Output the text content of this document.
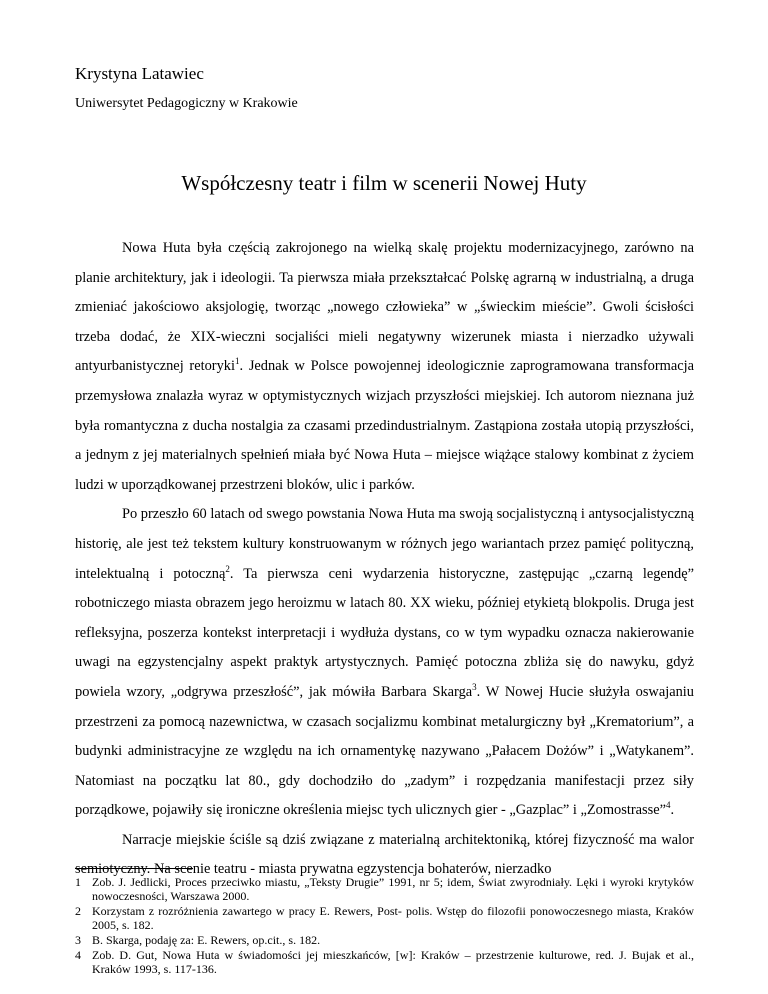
Krystyna Latawiec
Uniwersytet Pedagogiczny w Krakowie
Współczesny teatr i film w scenerii Nowej Huty

Nowa Huta była częścią zakrojonego na wielką skalę projektu modernizacyjnego, zarówno na planie architektury, jak i ideologii. Ta pierwsza miała przekształcać Polskę agrarną w industrialną, a druga zmieniać jakościowo aksjologię, tworząc „nowego człowieka” w „świeckim mieście”. Gwoli ścisłości trzeba dodać, że XIX-wieczni socjaliści mieli negatywny wizerunek miasta i nierzadko używali antyurbanistycznej retoryki$^1$. Jednak w Polsce powojennej ideologicznie zaprogramowana transformacja przemysłowa znalazła wyraz w optymistycznych wizjach przyszłości miejskiej. Ich autorom nieznana już była romantyczna z ducha nostalgia za czasami przedindustrialnym. Zastąpiona została utopią przyszłości, a jednym z jej materialnych spełnień miała być Nowa Huta – miejsce wiążące stalowy kombinat z życiem ludzi w uporządkowanej przestrzeni bloków, ulic i parków.

Po przeszło 60 latach od swego powstania Nowa Huta ma swoją socjalistyczną i antysocjalistyczną historię, ale jest też tekstem kultury konstruowanym w różnych jego wariantach przez pamięć polityczną, intelektualną i potoczną$^2$. Ta pierwsza ceni wydarzenia historyczne, zastępując „czarną legendę” robotniczego miasta obrazem jego heroizmu w latach 80. XX wieku, później etykietą blokpolis. Druga jest refleksyjna, poszerza kontekst interpretacji i wydłuża dystans, co w tym wypadku oznacza nakierowanie uwagi na egzystencjalny aspekt praktyk artystycznych. Pamięć potoczna zbliża się do nawyku, gdyż powiela wzory, „odgrywa przeszłość”, jak mówiła Barbara Skarga$^3$. W Nowej Hucie służyła oswajaniu przestrzeni za pomocą nazewnictwa, w czasach socjalizmu kombinat metalurgiczny był „Krematorium”, a budynki administracyjne ze względu na ich ornamentykę nazywano „Pałacem Dożów” i „Watykanem”. Natomiast na początku lat 80., gdy dochodziło do „zadym” i rozpędzania manifestacji przez siły porządkowe, pojawiły się ironiczne określenia miejsc tych ulicznych gier - „Gazplac” i „Zomostrasse”$^4$.

Narracje miejskie ściśle są dziś związane z materialną architektoniką, której fizyczność ma walor semiotyczny. Na scenie teatru - miasta prywatna egzystencja bohaterów, nierzadko

1 Zob. J. Jedlicki, Proces przeciwko miastu, „Teksty Drugie” 1991, nr 5; idem, Świat zwyrodniały. Lęki i wyroki krytyków nowoczesności, Warszawa 2000.
2 Korzystam z rozróżnienia zawartego w pracy E. Rewers, Post- polis. Wstęp do filozofii ponowoczesnego miasta, Kraków 2005, s. 182.
3 B. Skarga, podaję za: E. Rewers, op.cit., s. 182.
4 Zob. D. Gut, Nowa Huta w świadomości jej mieszkańców, [w]: Kraków – przestrzenie kulturowe, red. J. Bujak et al., Kraków 1993, s. 117-136.
